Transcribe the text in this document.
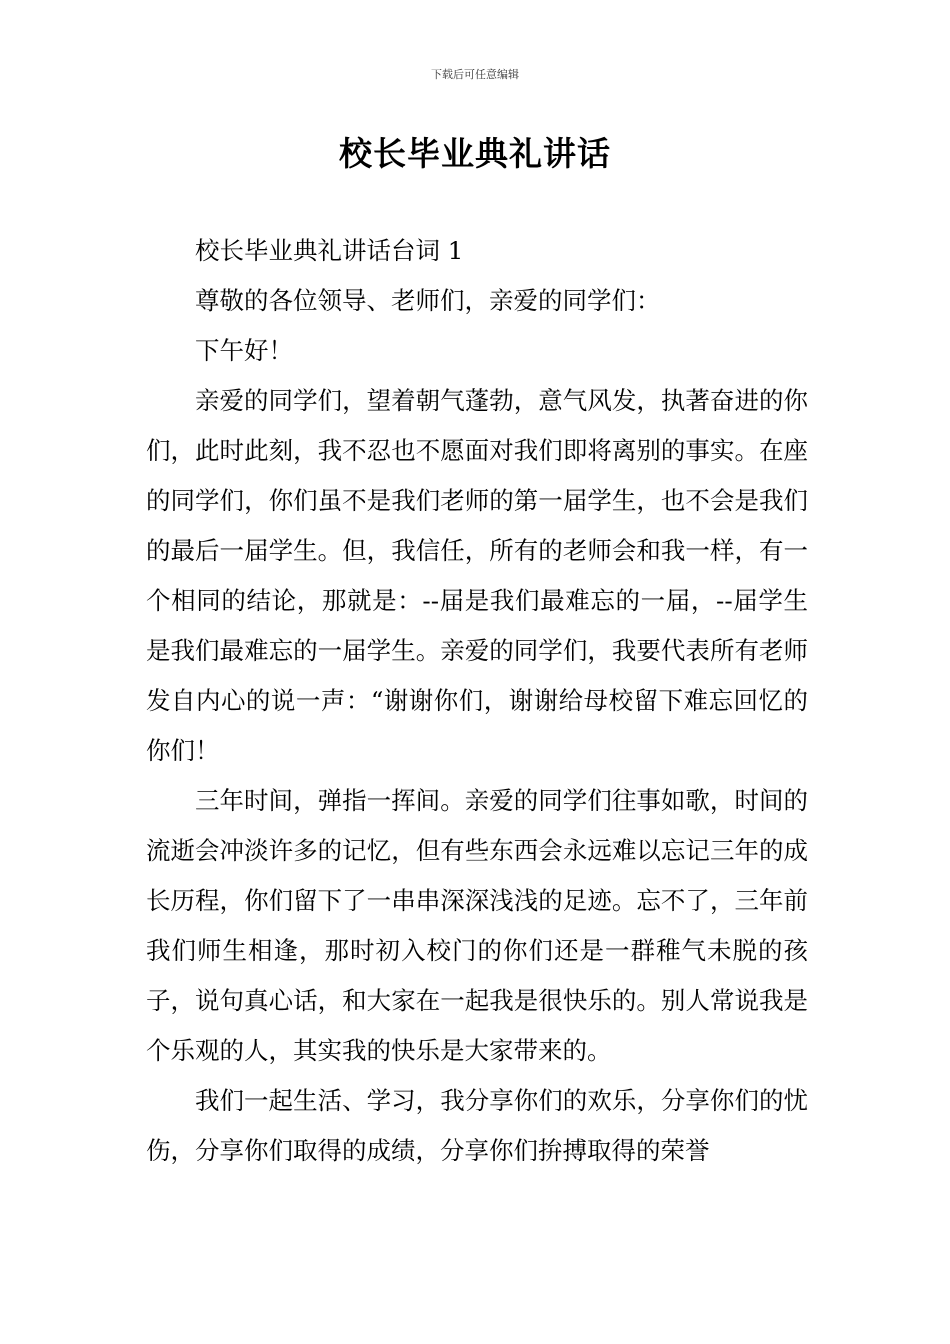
下载后可任意编辑
校长毕业典礼讲话

校长毕业典礼讲话台词 1

尊敬的各位领导、老师们，亲爱的同学们：

下午好！

亲爱的同学们，望着朝气蓬勃，意气风发，执著奋进的你们，此时此刻，我不忍也不愿面对我们即将离别的事实。在座的同学们，你们虽不是我们老师的第一届学生，也不会是我们的最后一届学生。但，我信任，所有的老师会和我一样，有一个相同的结论，那就是：--届是我们最难忘的一届，--届学生是我们最难忘的一届学生。亲爱的同学们，我要代表所有老师发自内心的说一声：“谢谢你们，谢谢给母校留下难忘回忆的你们！

三年时间，弹指一挥间。亲爱的同学们往事如歌，时间的流逝会冲淡许多的记忆，但有些东西会永远难以忘记三年的成长历程，你们留下了一串串深深浅浅的足迹。忘不了，三年前我们师生相逢，那时初入校门的你们还是一群稚气未脱的孩子，说句真心话，和大家在一起我是很快乐的。别人常说我是个乐观的人，其实我的快乐是大家带来的。

我们一起生活、学习，我分享你们的欢乐，分享你们的忧伤，分享你们取得的成绩，分享你们拚搏取得的荣誉
